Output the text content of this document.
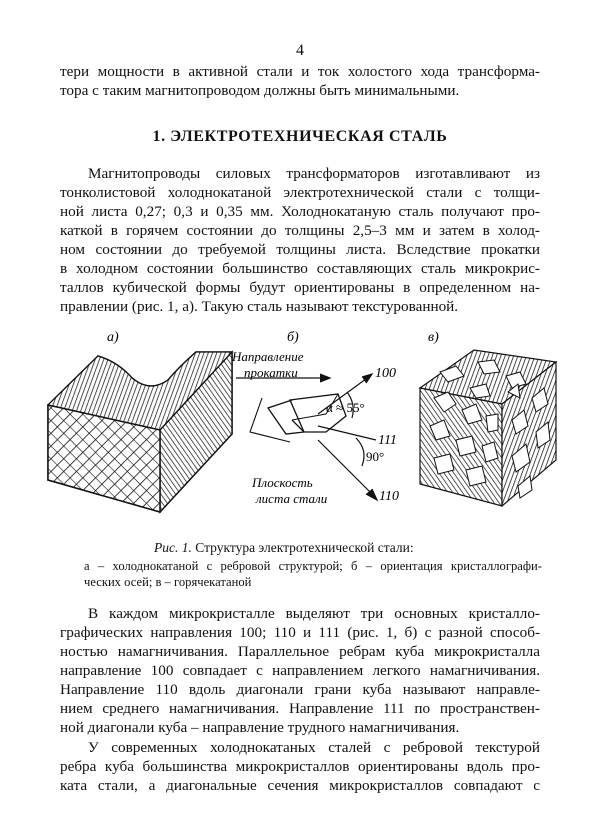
4
тери мощности в активной стали и ток холостого хода трансформа-
тора с таким магнитопроводом должны быть минимальными.
1. ЭЛЕКТРОТЕХНИЧЕСКАЯ СТАЛЬ
Магнитопроводы силовых трансформаторов изготавливают из
тонколистовой холоднокатаной электротехнической стали с толщи-
ной листа 0,27; 0,3 и 0,35 мм. Холоднокатаную сталь получают про-
каткой в горячем состоянии до толщины 2,5–3 мм и затем в холод-
ном состоянии до требуемой толщины листа. Вследствие прокатки
в холодном состоянии большинство составляющих сталь микрокрис-
таллов кубической формы будут ориентированы в определенном на-
правлении (рис. 1, а). Такую сталь называют текстурованной.
а)	б)
Направление
прокатки	100
α ≈ 55°
111
90°
Плоскость
листа стали	110
в)
Рис. 1. Структура электротехнической стали:
а – холоднокатаной с ребровой структурой; б – ориентация кристаллографи-
ческих осей; в – горячекатаной
В каждом микрокристалле выделяют три основных кристалло-
графических направления 100; 110 и 111 (рис. 1, б) с разной способ-
ностью намагничивания. Параллельное ребрам куба микрокристалла
направление 100 совпадает с направлением легкого намагничивания.
Направление 110 вдоль диагонали грани куба называют направле-
нием среднего намагничивания. Направление 111 по пространствен-
ной диагонали куба – направление трудного намагничивания.
У современных холоднокатаных сталей с ребровой текстурой
ребра куба большинства микрокристаллов ориентированы вдоль про-
ката стали, а диагональные сечения микрокристаллов совпадают с
